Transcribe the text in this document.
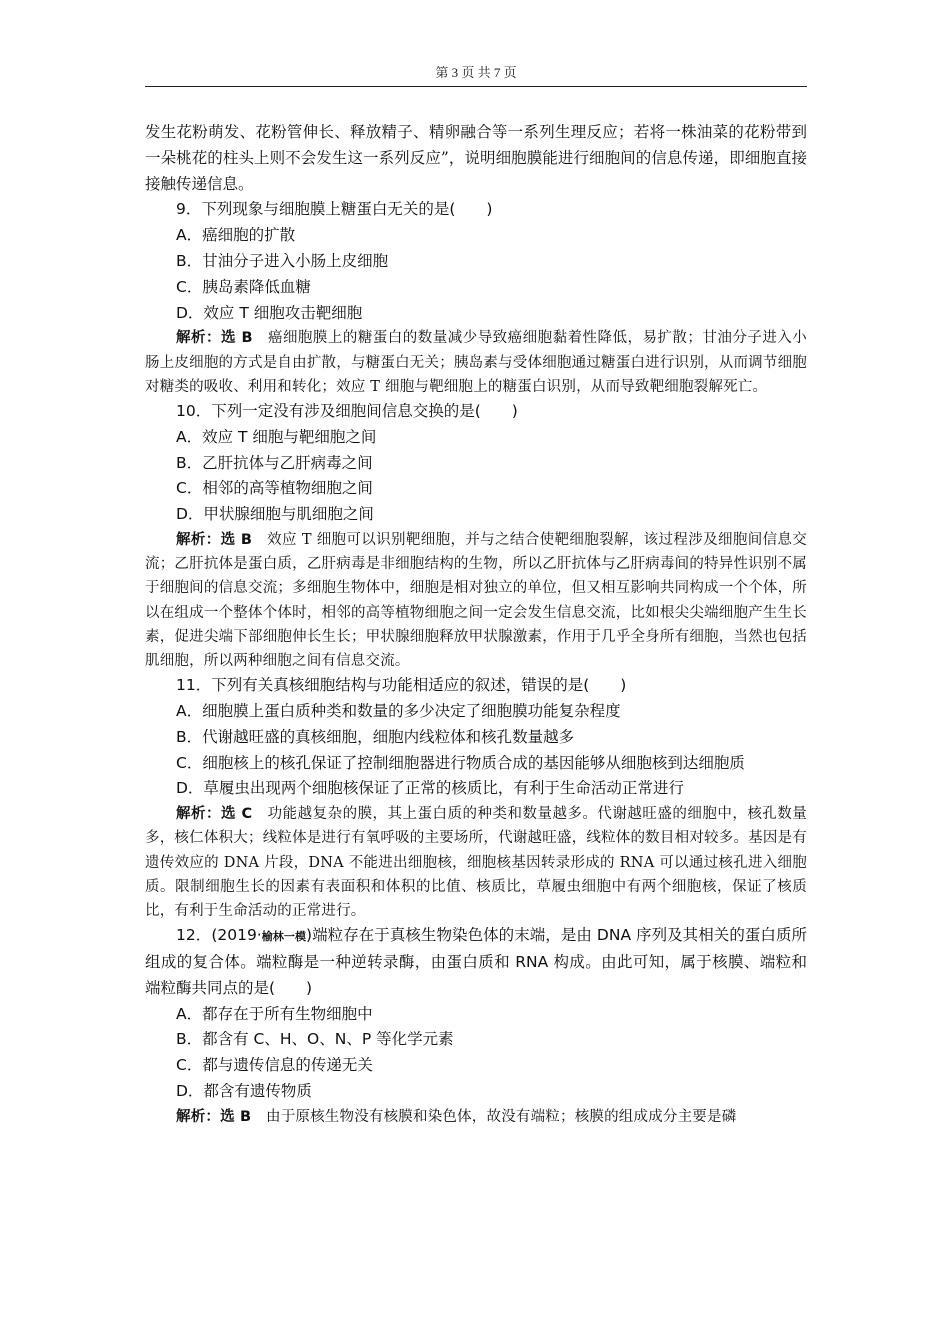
第 3 页 共 7 页

发生花粉萌发、花粉管伸长、释放精子、精卵融合等一系列生理反应；若将一株油菜的花粉带到一朵桃花的柱头上则不会发生这一系列反应”，说明细胞膜能进行细胞间的信息传递，即细胞直接接触传递信息。

9．下列现象与细胞膜上糖蛋白无关的是(　　)

A．癌细胞的扩散

B．甘油分子进入小肠上皮细胞

C．胰岛素降低血糖

D．效应 T 细胞攻击靶细胞

解析：选 B　癌细胞膜上的糖蛋白的数量减少导致癌细胞黏着性降低，易扩散；甘油分子进入小肠上皮细胞的方式是自由扩散，与糖蛋白无关；胰岛素与受体细胞通过糖蛋白进行识别，从而调节细胞对糖类的吸收、利用和转化；效应 T 细胞与靶细胞上的糖蛋白识别，从而导致靶细胞裂解死亡。

10．下列一定没有涉及细胞间信息交换的是(　　)

A．效应 T 细胞与靶细胞之间

B．乙肝抗体与乙肝病毒之间

C．相邻的高等植物细胞之间

D．甲状腺细胞与肌细胞之间

解析：选 B　效应 T 细胞可以识别靶细胞，并与之结合使靶细胞裂解，该过程涉及细胞间信息交流；乙肝抗体是蛋白质，乙肝病毒是非细胞结构的生物，所以乙肝抗体与乙肝病毒间的特异性识别不属于细胞间的信息交流；多细胞生物体中，细胞是相对独立的单位，但又相互影响共同构成一个个体，所以在组成一个整体个体时，相邻的高等植物细胞之间一定会发生信息交流，比如根尖尖端细胞产生生长素，促进尖端下部细胞伸长生长；甲状腺细胞释放甲状腺激素，作用于几乎全身所有细胞，当然也包括肌细胞，所以两种细胞之间有信息交流。

11．下列有关真核细胞结构与功能相适应的叙述，错误的是(　　)

A．细胞膜上蛋白质种类和数量的多少决定了细胞膜功能复杂程度

B．代谢越旺盛的真核细胞，细胞内线粒体和核孔数量越多

C．细胞核上的核孔保证了控制细胞器进行物质合成的基因能够从细胞核到达细胞质

D．草履虫出现两个细胞核保证了正常的核质比，有利于生命活动正常进行

解析：选 C　功能越复杂的膜，其上蛋白质的种类和数量越多。代谢越旺盛的细胞中，核孔数量多，核仁体积大；线粒体是进行有氧呼吸的主要场所，代谢越旺盛，线粒体的数目相对较多。基因是有遗传效应的 DNA 片段，DNA 不能进出细胞核，细胞核基因转录形成的 RNA 可以通过核孔进入细胞质。限制细胞生长的因素有表面积和体积的比值、核质比，草履虫细胞中有两个细胞核，保证了核质比，有利于生命活动的正常进行。

12．(2019·榆林一模)端粒存在于真核生物染色体的末端，是由 DNA 序列及其相关的蛋白质所组成的复合体。端粒酶是一种逆转录酶，由蛋白质和 RNA 构成。由此可知，属于核膜、端粒和端粒酶共同点的是(　　)

A．都存在于所有生物细胞中

B．都含有 C、H、O、N、P 等化学元素

C．都与遗传信息的传递无关

D．都含有遗传物质

解析：选 B　由于原核生物没有核膜和染色体，故没有端粒；核膜的组成成分主要是磷
